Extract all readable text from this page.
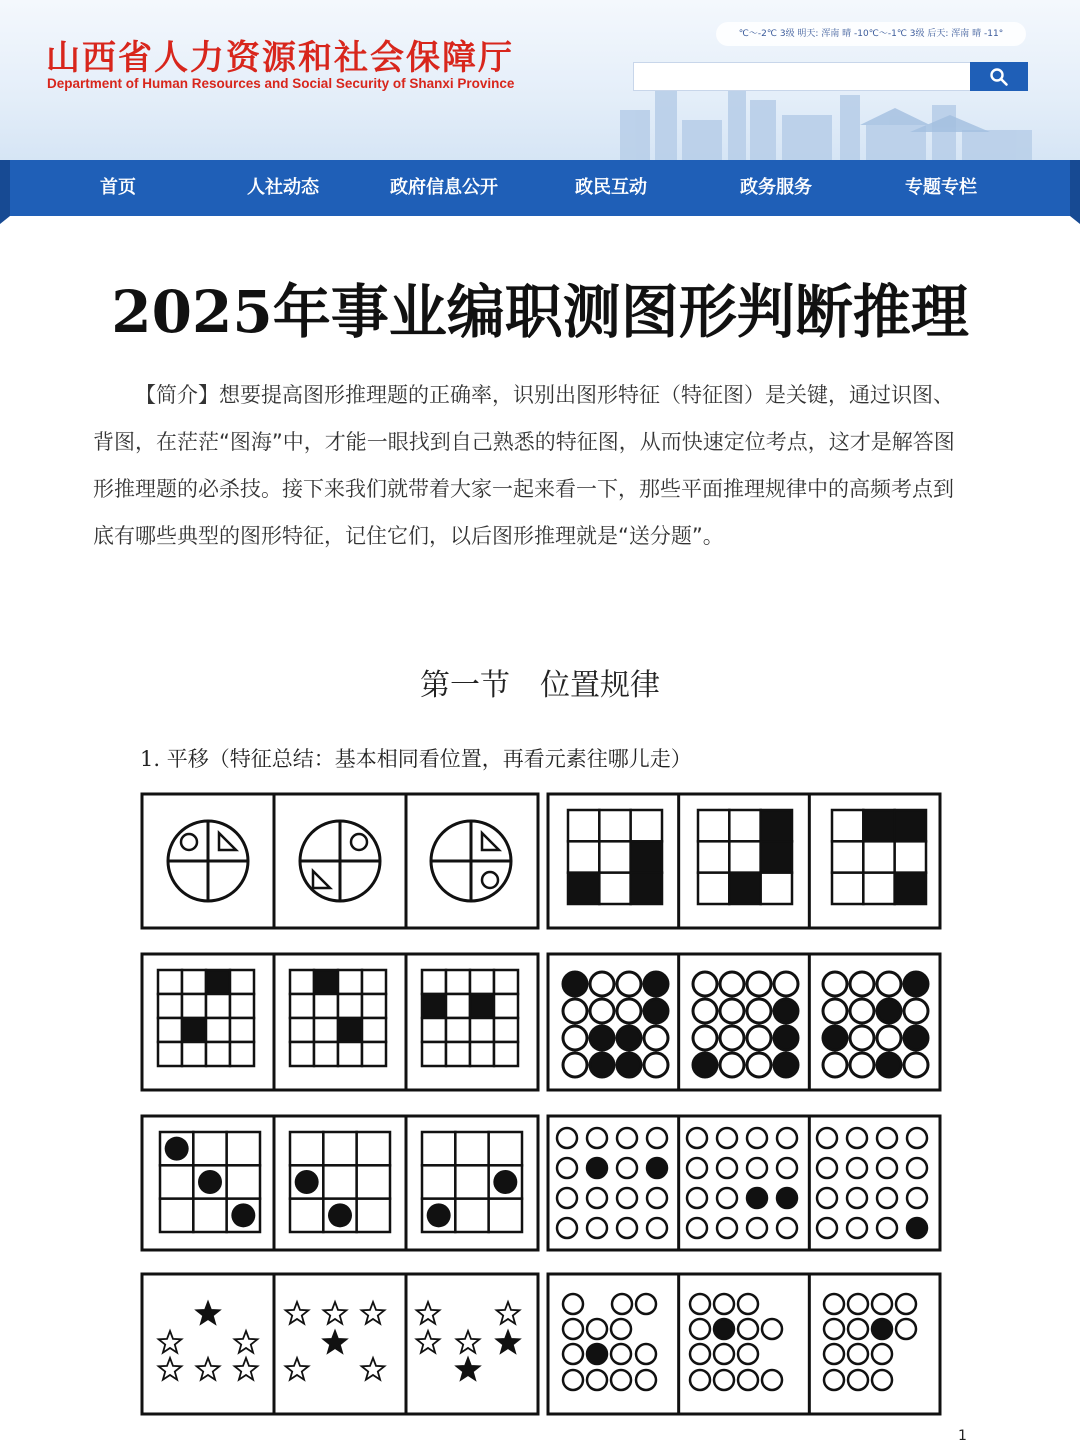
山西省人力资源和社会保障厅
Department of Human Resources and Social Security of Shanxi Province
℃～-2℃ 3级 明天: 浑南 晴 -10℃～-1℃ 3级 后天: 浑南 晴 -11°
首页	人社动态	政府信息公开	政民互动	政务服务	专题专栏
2025年事业编职测图形判断推理

【简介】想要提高图形推理题的正确率，识别出图形特征（特征图）是关键，通过识图、背图，在茫茫“图海”中，才能一眼找到自己熟悉的特征图，从而快速定位考点，这才是解答图形推理题的必杀技。接下来我们就带着大家一起来看一下，那些平面推理规律中的高频考点到底有哪些典型的图形特征，记住它们，以后图形推理就是“送分题”。

第一节　位置规律
1. 平移（特征总结：基本相同看位置，再看元素往哪儿走）
1
